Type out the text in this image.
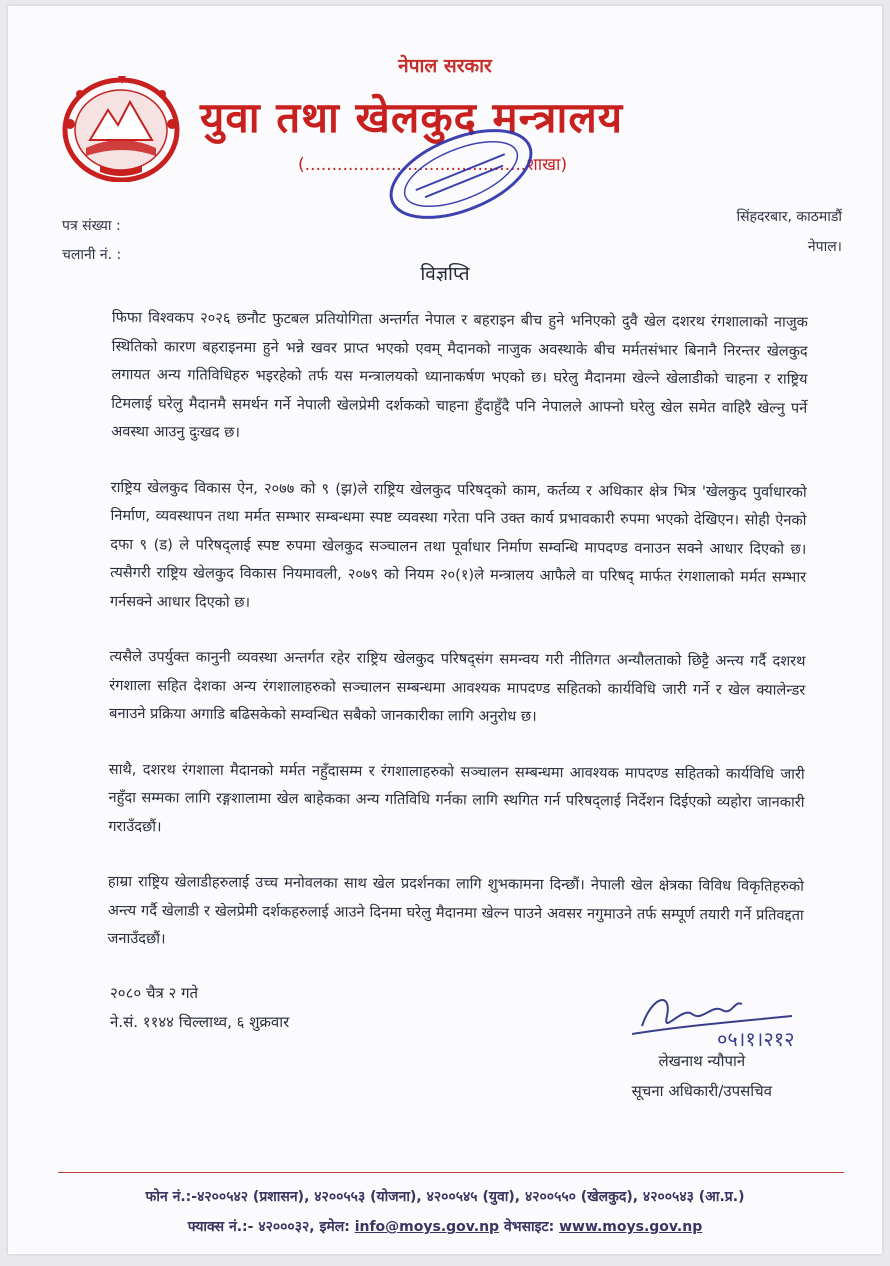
नेपाल सरकार
युवा तथा खेलकुद मन्त्रालय
(.........................................शाखा)
पत्र संख्या :
चलानी नं. :
सिंहदरबार, काठमाडौं
नेपाल।
विज्ञप्ति

फिफा विश्वकप २०२६ छनौट फुटबल प्रतियोगिता अन्तर्गत नेपाल र बहराइन बीच हुने भनिएको दुवै खेल दशरथ रंगशालाको नाजुक स्थितिको कारण बहराइनमा हुने भन्ने खवर प्राप्त भएको एवम् मैदानको नाजुक अवस्थाके बीच मर्मतसंभार बिनानै निरन्तर खेलकुद लगायत अन्य गतिविधिहरु भइरहेको तर्फ यस मन्त्रालयको ध्यानाकर्षण भएको छ। घरेलु मैदानमा खेल्ने खेलाडीको चाहना र राष्ट्रिय टिमलाई घरेलु मैदानमै समर्थन गर्ने नेपाली खेलप्रेमी दर्शकको चाहना हुँदाहुँदै पनि नेपालले आफ्नो घरेलु खेल समेत वाहिरै खेल्नु पर्ने अवस्था आउनु दुःखद छ।

राष्ट्रिय खेलकुद विकास ऐन, २०७७ को ९ (झ)ले राष्ट्रिय खेलकुद परिषद्को काम, कर्तव्य र अधिकार क्षेत्र भित्र 'खेलकुद पुर्वाधारको निर्माण, व्यवस्थापन तथा मर्मत सम्भार सम्बन्धमा स्पष्ट व्यवस्था गरेता पनि उक्त कार्य प्रभावकारी रुपमा भएको देखिएन। सोही ऐनको दफा ९ (ड) ले परिषद्लाई स्पष्ट रुपमा खेलकुद सञ्चालन तथा पूर्वाधार निर्माण सम्वन्धि मापदण्ड वनाउन सक्ने आधार दिएको छ। त्यसैगरी राष्ट्रिय खेलकुद विकास नियमावली, २०७९ को नियम २०(१)ले मन्त्रालय आफैले वा परिषद् मार्फत रंगशालाको मर्मत सम्भार गर्नसक्ने आधार दिएको छ।

त्यसैले उपर्युक्त कानुनी व्यवस्था अन्तर्गत रहेर राष्ट्रिय खेलकुद परिषद्संग समन्वय गरी नीतिगत अन्यौलताको छिट्टै अन्त्य गर्दै दशरथ रंगशाला सहित देशका अन्य रंगशालाहरुको सञ्चालन सम्बन्धमा आवश्यक मापदण्ड सहितको कार्यविधि जारी गर्ने र खेल क्यालेन्डर बनाउने प्रक्रिया अगाडि बढिसकेको सम्वन्धित सबैको जानकारीका लागि अनुरोध छ।

साथै, दशरथ रंगशाला मैदानको मर्मत नहुँदासम्म र रंगशालाहरुको सञ्चालन सम्बन्धमा आवश्यक मापदण्ड सहितको कार्यविधि जारी नहुँदा सम्मका लागि रङ्गशालामा खेल बाहेकका अन्य गतिविधि गर्नका लागि स्थगित गर्न परिषद्लाई निर्देशन दिईएको व्यहोरा जानकारी गराउँदछौं।

हाम्रा राष्ट्रिय खेलाडीहरुलाई उच्च मनोवलका साथ खेल प्रदर्शनका लागि शुभकामना दिन्छौं। नेपाली खेल क्षेत्रका विविध विकृतिहरुको अन्त्य गर्दै खेलाडी र खेलप्रेमी दर्शकहरुलाई आउने दिनमा घरेलु मैदानमा खेल्न पाउने अवसर नगुमाउने तर्फ सम्पूर्ण तयारी गर्ने प्रतिवद्दता जनाउँदछौं।

२०८० चैत्र २ गते
ने.सं. ११४४ चिल्लाथ्व, ६ शुक्रवार
०५।१।२१२
लेखनाथ न्यौपाने
सूचना अधिकारी/उपसचिव
फोन नं.:-४२००५४२ (प्रशासन), ४२००५५३ (योजना), ४२००५४५ (युवा), ४२००५५० (खेलकुद), ४२००५४३ (आ.प्र.)
फ्याक्स नं.:- ४२०००३२, इमेल: info@moys.gov.np वेभसाइट: www.moys.gov.np
